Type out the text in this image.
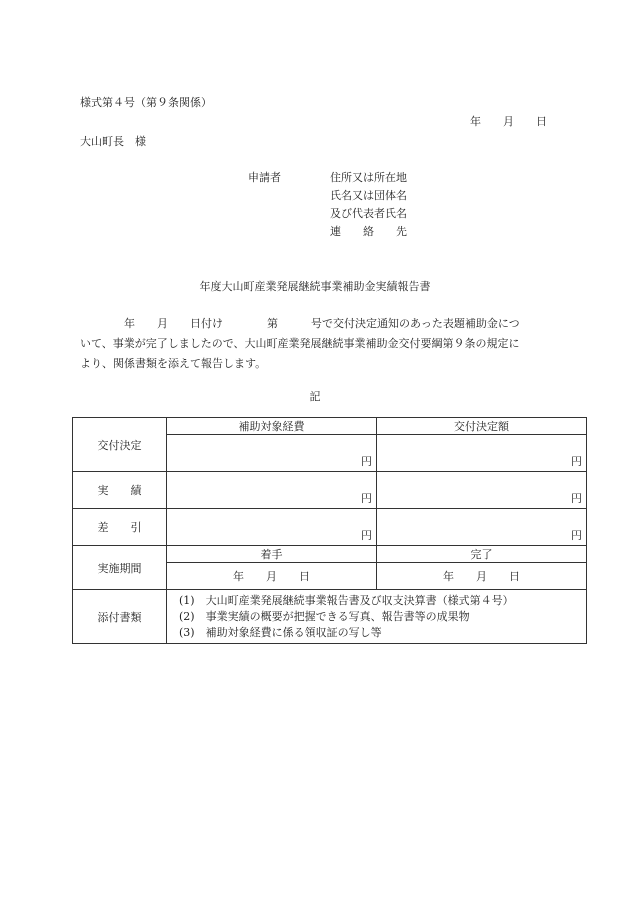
様式第４号（第９条関係）
年　　月　　日
大山町長　様
申請者	住所又は所在地
氏名又は団体名
及び代表者氏名
連　　絡　　先
年度大山町産業発展継続事業補助金実績報告書
　　　　年　　月　　日付け　　　　第　　　号で交付決定通知のあった表題補助金につ
いて、事業が完了しましたので、大山町産業発展継続事業補助金交付要綱第９条の規定に
より、関係書類を添えて報告します。
記
交付決定	補助対象経費	交付決定額
	円	円
実　　績	円	円
差　　引	円	円
実施期間	着手	完了
	年　　月　　日	年　　月　　日
添付書類	(1)　大山町産業発展継続事業報告書及び収支決算書（様式第４号）
(2)　事業実績の概要が把握できる写真、報告書等の成果物
(3)　補助対象経費に係る領収証の写し等	
